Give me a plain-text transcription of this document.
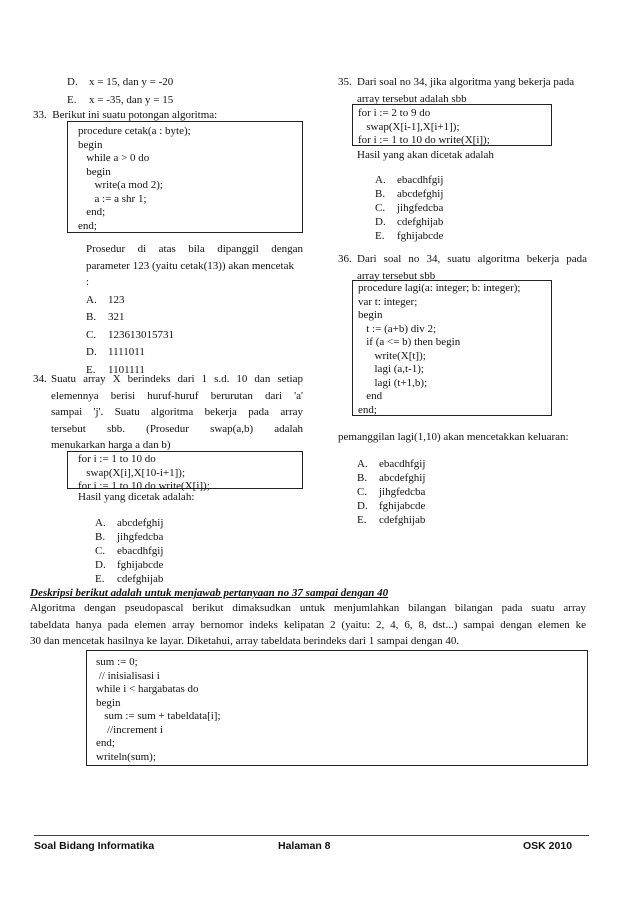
D.	x = 15, dan y = -20
E.	x = -35, dan y = 15
33. Berikut ini suatu potongan algoritma:
procedure cetak(a : byte);
begin
while a > 0 do
begin
write(a mod 2);
a := a shr 1;
end;
end;
Prosedur di atas bila dipanggil dengan
parameter 123 (yaitu cetak(13)) akan mencetak
:
A.	123
B.	321
C.	123613015731
D.	1111011
E.	1101111
34. Suatu array X berindeks dari 1 s.d. 10 dan setiap
elemennya berisi huruf-huruf berurutan dari 'a'
sampai 'j'. Suatu algoritma bekerja pada array
tersebut sbb. (Prosedur swap(a,b) adalah
menukarkan harga a dan b)
for i := 1 to 10 do
swap(X[i],X[10-i+1]);
for i := 1 to 10 do write(X[i]);
Hasil yang dicetak adalah:
A.	abcdefghij
B.	jihgfedcba
C.	ebacdhfgij
D.	fghijabcde
E.	cdefghijab
35. Dari soal no 34, jika algoritma yang bekerja pada
array tersebut adalah sbb
for i := 2 to 9 do
swap(X[i-1],X[i+1]);
for i := 1 to 10 do write(X[i]);
Hasil yang akan dicetak adalah
A.	ebacdhfgij
B.	abcdefghij
C.	jihgfedcba
D.	cdefghijab
E.	fghijabcde
36. Dari soal no 34, suatu algoritma bekerja pada
array tersebut sbb
procedure lagi(a: integer; b: integer);
var t: integer;
begin
t := (a+b) div 2;
if (a <= b) then begin
write(X[t]);
lagi (a,t-1);
lagi (t+1,b);
end
end;
pemanggilan lagi(1,10) akan mencetakkan keluaran:
A.	ebacdhfgij
B.	abcdefghij
C.	jihgfedcba
D.	fghijabcde
E.	cdefghijab
Deskripsi berikut adalah untuk menjawab pertanyaan no 37 sampai dengan 40
Algoritma dengan pseudopascal berikut dimaksudkan untuk menjumlahkan bilangan bilangan pada suatu array
tabeldata hanya pada elemen array bernomor indeks kelipatan 2 (yaitu: 2, 4, 6, 8, dst...) sampai dengan elemen ke
30 dan mencetak hasilnya ke layar. Diketahui, array tabeldata berindeks dari 1 sampai dengan 40.
sum := 0;
// inisialisasi i
while i < hargabatas do
begin
sum := sum + tabeldata[i];
//increment i
end;
writeln(sum);
Soal Bidang Informatika	Halaman 8	OSK 2010
